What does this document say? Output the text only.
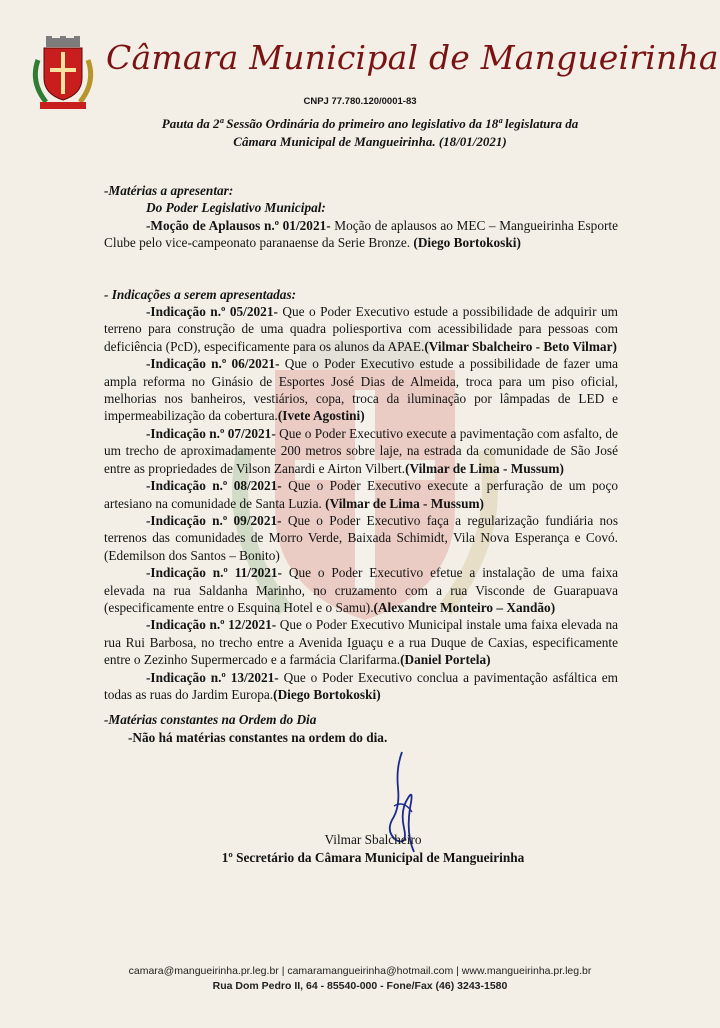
Câmara Municipal de Mangueirinha
CNPJ 77.780.120/0001-83
Pauta da 2ª Sessão Ordinária do primeiro ano legislativo da 18ª legislatura da
Câmara Municipal de Mangueirinha. (18/01/2021)
-Matérias a apresentar:
Do Poder Legislativo Municipal:

-Moção de Aplausos n.º 01/2021- Moção de aplausos ao MEC – Mangueirinha Esporte Clube pelo vice-campeonato paranaense da Serie Bronze. (Diego Bortokoski)

- Indicações a serem apresentadas:

-Indicação n.º 05/2021- Que o Poder Executivo estude a possibilidade de adquirir um terreno para construção de uma quadra poliesportiva com acessibilidade para pessoas com deficiência (PcD), especificamente para os alunos da APAE.(Vilmar Sbalcheiro - Beto Vilmar)

-Indicação n.º 06/2021- Que o Poder Executivo estude a possibilidade de fazer uma ampla reforma no Ginásio de Esportes José Dias de Almeida, troca para um piso oficial, melhorias nos banheiros, vestiários, copa, troca da iluminação por lâmpadas de LED e impermeabilização da cobertura.(Ivete Agostini)

-Indicação n.º 07/2021- Que o Poder Executivo execute a pavimentação com asfalto, de um trecho de aproximadamente 200 metros sobre laje, na estrada da comunidade de São José entre as propriedades de Vilson Zanardi e Airton Vilbert.(Vilmar de Lima - Mussum)

-Indicação n.º 08/2021- Que o Poder Executivo execute a perfuração de um poço artesiano na comunidade de Santa Luzia. (Vilmar de Lima - Mussum)

-Indicação n.º 09/2021- Que o Poder Executivo faça a regularização fundiária nos terrenos das comunidades de Morro Verde, Baixada Schimidt, Vila Nova Esperança e Covó.(Edemilson dos Santos – Bonito)

-Indicação n.º 11/2021- Que o Poder Executivo efetue a instalação de uma faixa elevada na rua Saldanha Marinho, no cruzamento com a rua Visconde de Guarapuava (especificamente entre o Esquina Hotel e o Samu).(Alexandre Monteiro – Xandão)

-Indicação n.º 12/2021- Que o Poder Executivo Municipal instale uma faixa elevada na rua Rui Barbosa, no trecho entre a Avenida Iguaçu e a rua Duque de Caxias, especificamente entre o Zezinho Supermercado e a farmácia Clarifarma.(Daniel Portela)

-Indicação n.º 13/2021- Que o Poder Executivo conclua a pavimentação asfáltica em todas as ruas do Jardim Europa.(Diego Bortokoski)

-Matérias constantes na Ordem do Dia
-Não há matérias constantes na ordem do dia.
Vilmar Sbalcheiro
1º Secretário da Câmara Municipal de Mangueirinha
camara@mangueirinha.pr.leg.br | camaramangueirinha@hotmail.com | www.mangueirinha.pr.leg.br
Rua Dom Pedro II, 64 - 85540-000 - Fone/Fax (46) 3243-1580
